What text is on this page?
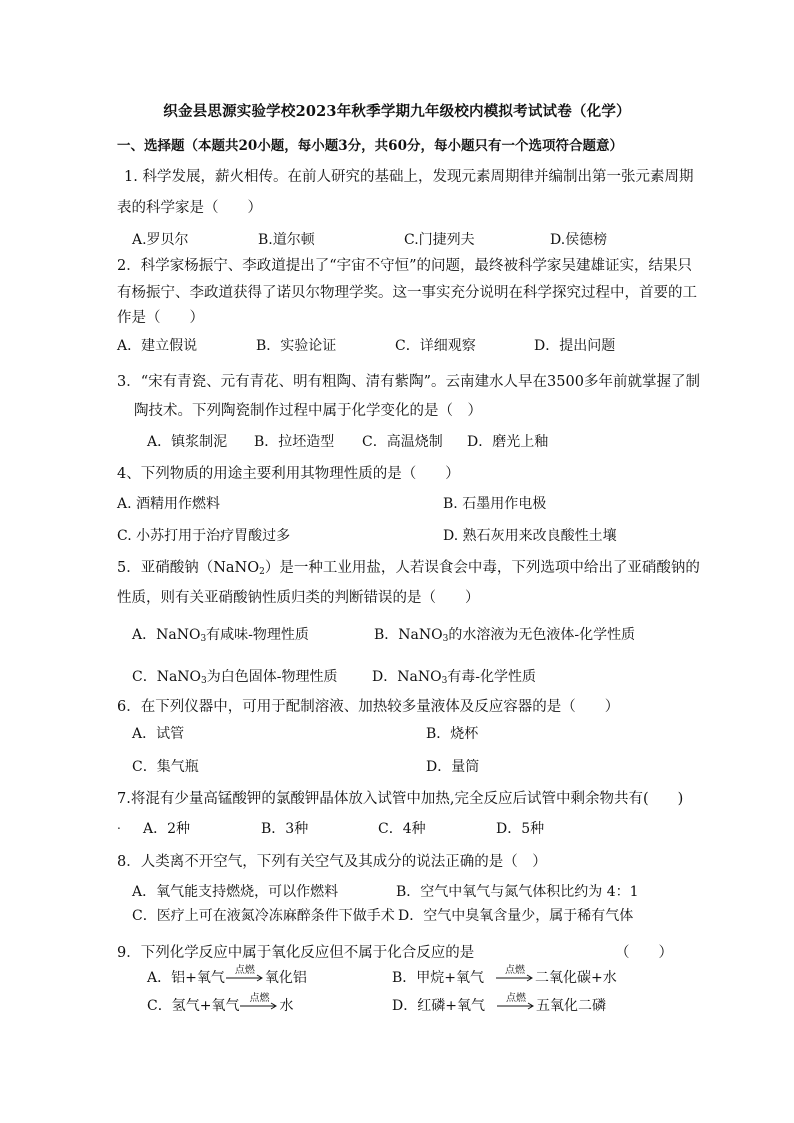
织金县思源实验学校2023年秋季学期九年级校内模拟考试试卷（化学）
一、选择题（本题共20小题，每小题3分，共60分，每小题只有一个选项符合题意）
1. 科学发展，薪火相传。在前人研究的基础上，发现元素周期律并编制出第一张元素周期
表的科学家是（　　）
A.罗贝尔	B.道尔顿	C.门捷列夫	D.侯德榜
2．科学家杨振宁、李政道提出了“宇宙不守恒”的问题，最终被科学家吴建雄证实，结果只
有杨振宁、李政道获得了诺贝尔物理学奖。这一事实充分说明在科学探究过程中，首要的工
作是（　　）
A．建立假说	B．实验论证	C．详细观察	D．提出问题
3．“宋有青瓷、元有青花、明有粗陶、清有紫陶”。云南建水人早在3500多年前就掌握了制
陶技术。下列陶瓷制作过程中属于化学变化的是（　）
A．镇浆制泥 B．拉坯造型 C．高温烧制 D．磨光上釉
4、下列物质的用途主要利用其物理性质的是（　　）
A. 酒精用作燃料	B. 石墨用作电极
C. 小苏打用于治疗胃酸过多	D. 熟石灰用来改良酸性土壤
5．亚硝酸钠（NaNO$_2$）是一种工业用盐，人若误食会中毒，下列选项中给出了亚硝酸钠的
性质，则有关亚硝酸钠性质归类的判断错误的是（　　）
A．NaNO$_3$有咸味-物理性质	B．NaNO$_3$的水溶液为无色液体-化学性质
C．NaNO$_3$为白色固体-物理性质 D．NaNO$_3$有毒-化学性质
6．在下列仪器中，可用于配制溶液、加热较多量液体及反应容器的是（　　）
A．试管	B．烧杯
C．集气瓶	D．量筒
7.将混有少量高锰酸钾的氯酸钾晶体放入试管中加热,完全反应后试管中剩余物共有(　　)
. A．2种	B．3种	C．4种	D．5种
8．人类离不开空气，下列有关空气及其成分的说法正确的是（　）
A．氧气能支持燃烧，可以作燃料	B．空气中氧气与氮气体积比约为 4：1
C．医疗上可在液氮冷冻麻醉条件下做手术 D．空气中臭氧含量少，属于稀有气体
9．下列化学反应中属于氧化反应但不属于化合反应的是	（　　）
A．铝+氧气	点燃 氧化铝	B．甲烷+氧气	点燃 二氧化碳+水
C．氢气+氧气	点燃 水	D．红磷+氧气	点燃 五氧化二磷
